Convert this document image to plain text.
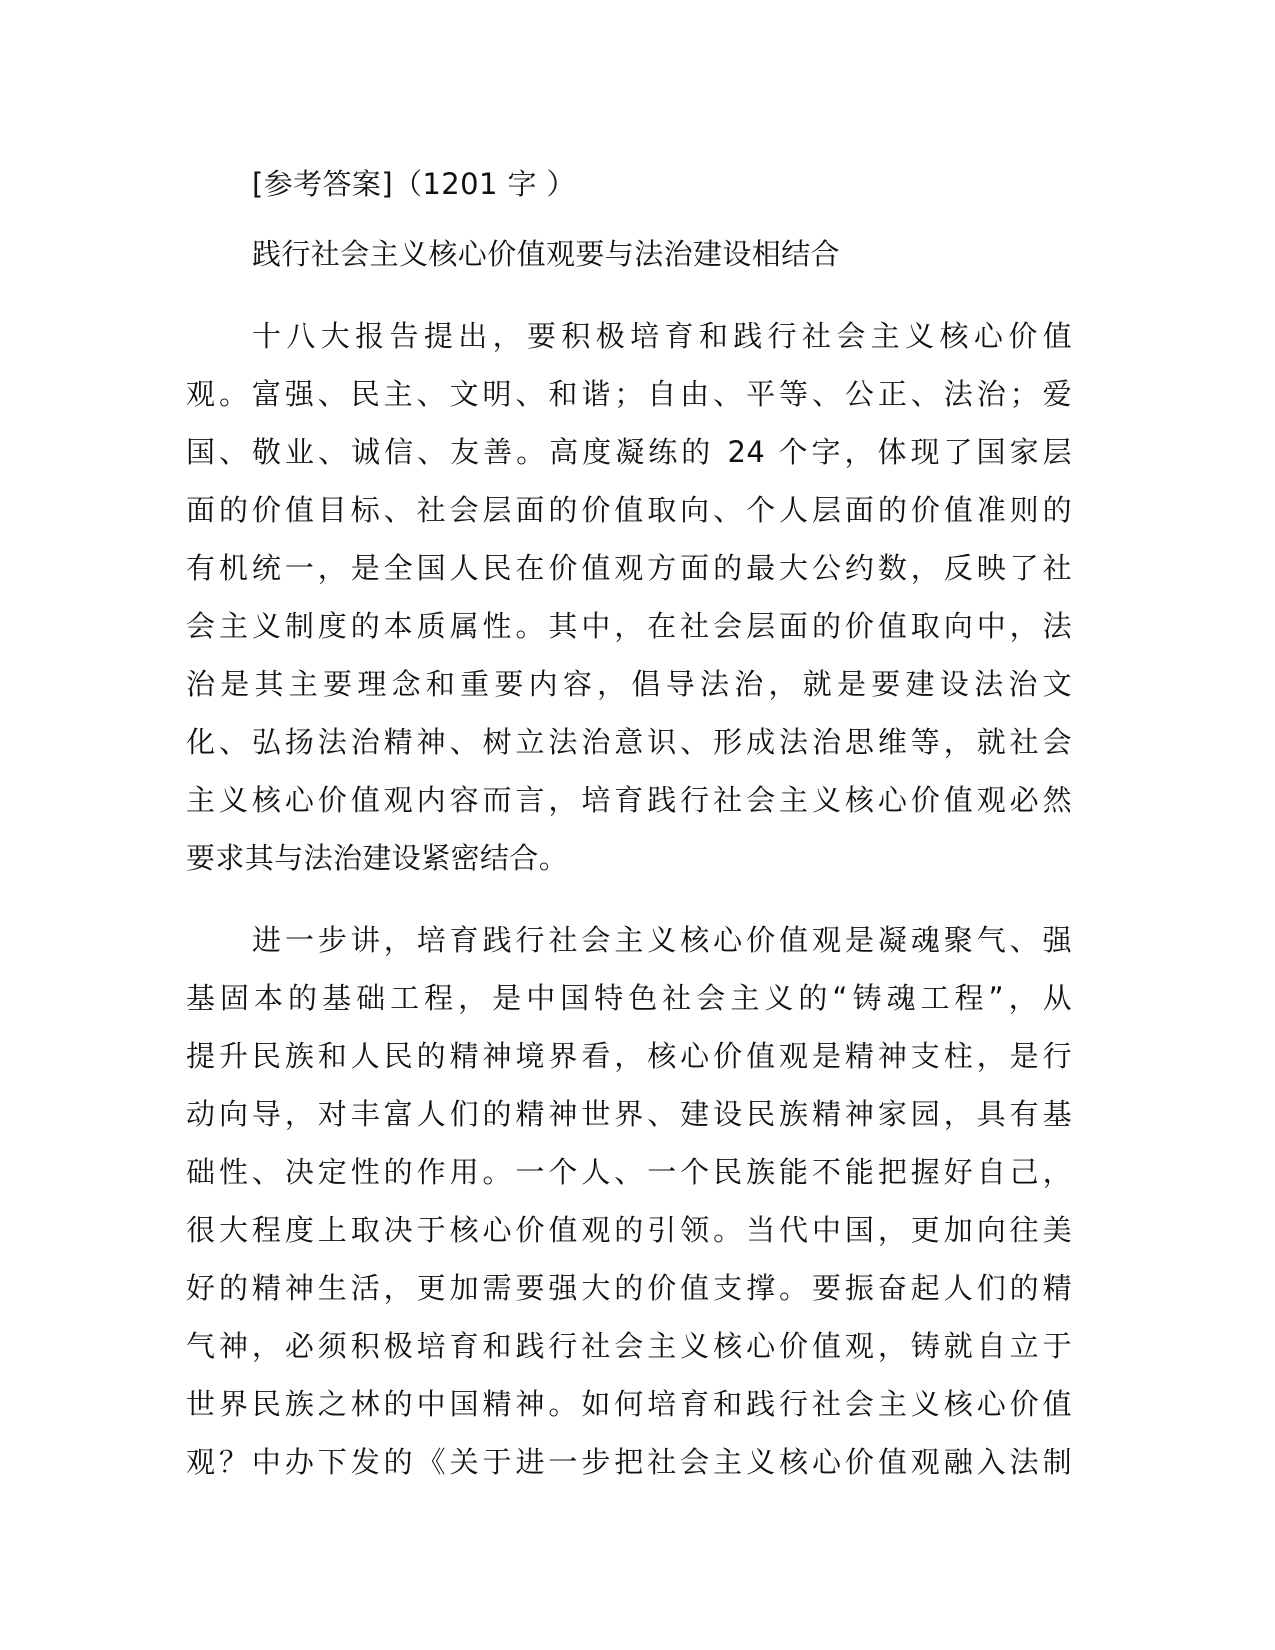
[参考答案]（1201 字 ）
践行社会主义核心价值观要与法治建设相结合
十八大报告提出，要积极培育和践行社会主义核心价值
观。富强、民主、文明、和谐；自由、平等、公正、法治；爱
国、敬业、诚信、友善。高度凝练的 24 个字，体现了国家层
面的价值目标、社会层面的价值取向、个人层面的价值准则的
有机统一，是全国人民在价值观方面的最大公约数，反映了社
会主义制度的本质属性。其中，在社会层面的价值取向中，法
治是其主要理念和重要内容，倡导法治，就是要建设法治文
化、弘扬法治精神、树立法治意识、形成法治思维等，就社会
主义核心价值观内容而言，培育践行社会主义核心价值观必然
要求其与法治建设紧密结合。
进一步讲，培育践行社会主义核心价值观是凝魂聚气、强
基固本的基础工程，是中国特色社会主义的“铸魂工程”，从
提升民族和人民的精神境界看，核心价值观是精神支柱，是行
动向导，对丰富人们的精神世界、建设民族精神家园，具有基
础性、决定性的作用。一个人、一个民族能不能把握好自己，
很大程度上取决于核心价值观的引领。当代中国，更加向往美
好的精神生活，更加需要强大的价值支撑。要振奋起人们的精
气神，必须积极培育和践行社会主义核心价值观，铸就自立于
世界民族之林的中国精神。如何培育和践行社会主义核心价值
观？中办下发的《关于进一步把社会主义核心价值观融入法制
